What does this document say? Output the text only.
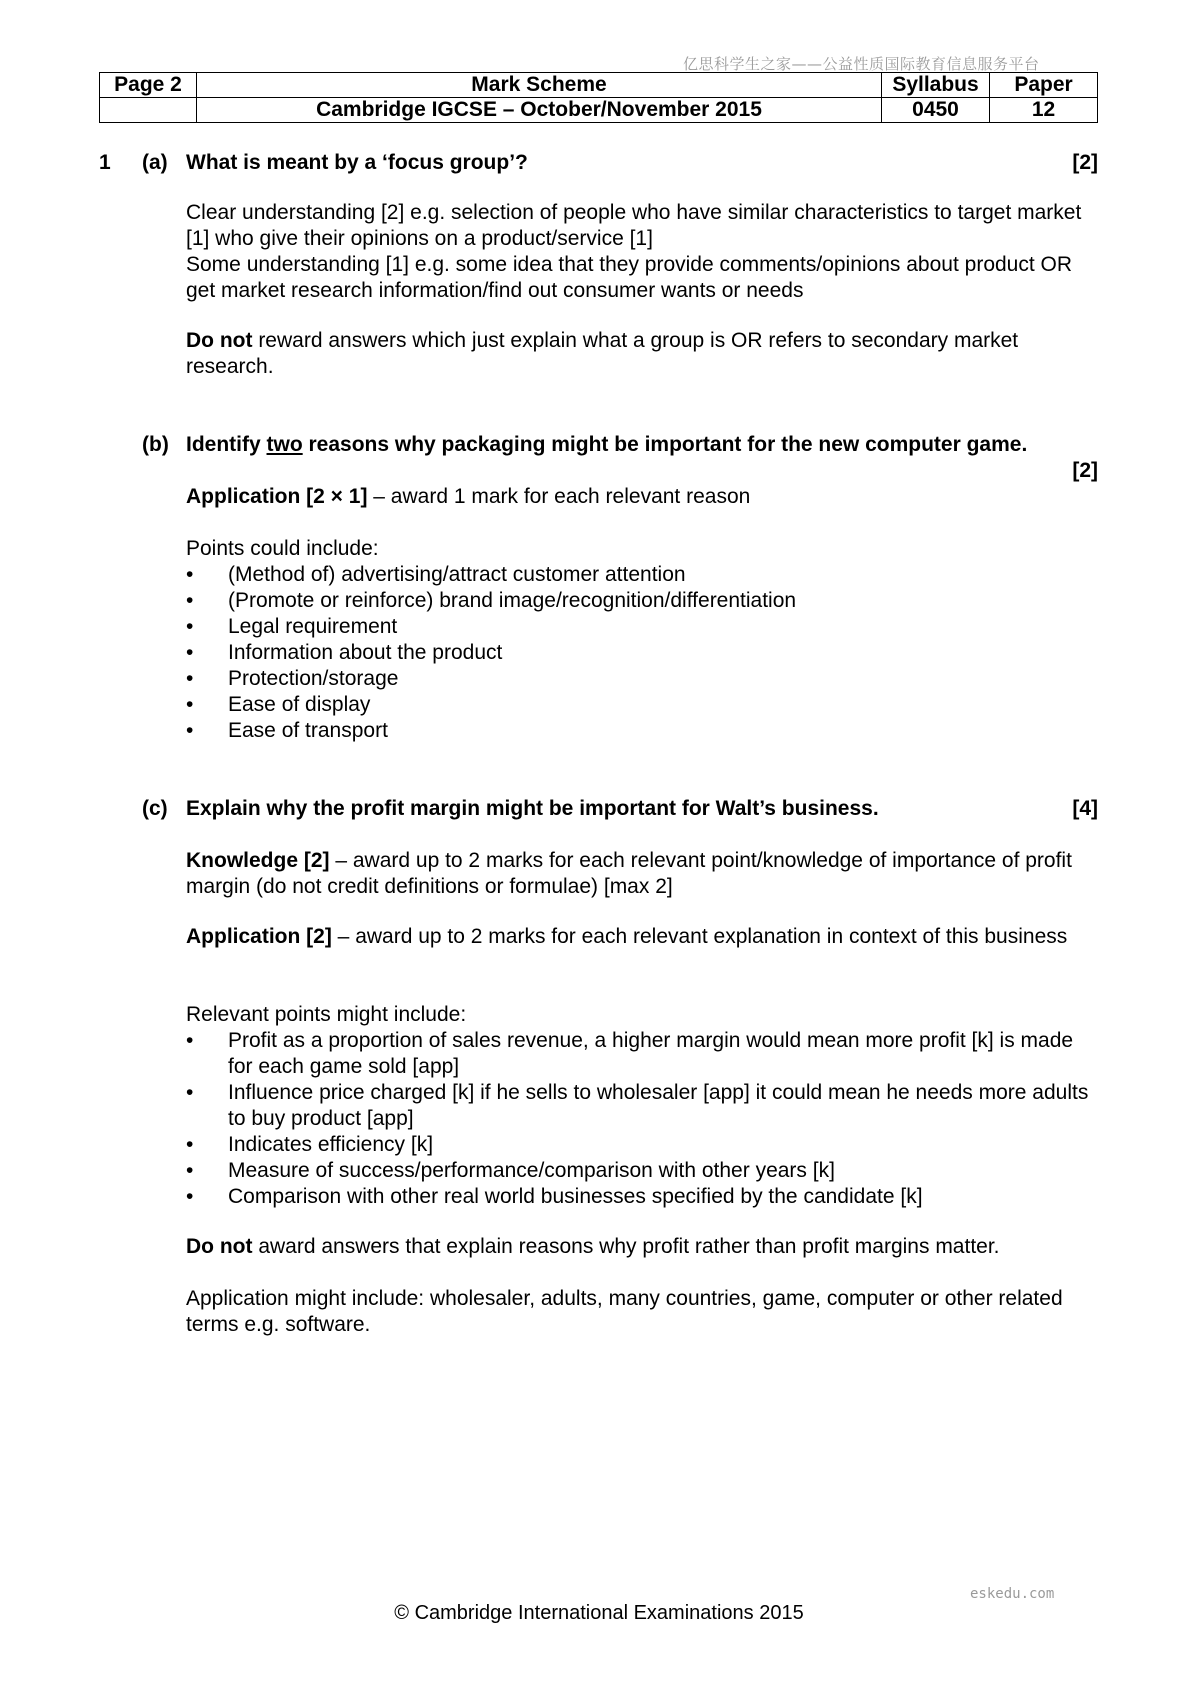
亿思科学生之家——公益性质国际教育信息服务平台
Page 2	Mark Scheme	Syllabus	Paper
	Cambridge IGCSE – October/November 2015	0450	12
1 (a) What is meant by a ‘focus group’?	[2]
Clear understanding [2] e.g. selection of people who have similar characteristics to target market [1] who give their opinions on a product/service [1]
Some understanding [1] e.g. some idea that they provide comments/opinions about product OR get market research information/find out consumer wants or needs
Do not reward answers which just explain what a group is OR refers to secondary market research.
(b) Identify two reasons why packaging might be important for the new computer game.
[2]
Application [2 × 1] – award 1 mark for each relevant reason
Points could include:
• (Method of) advertising/attract customer attention
• (Promote or reinforce) brand image/recognition/differentiation
• Legal requirement
• Information about the product
• Protection/storage
• Ease of display
• Ease of transport
(c) Explain why the profit margin might be important for Walt’s business.	[4]
Knowledge [2] – award up to 2 marks for each relevant point/knowledge of importance of profit margin (do not credit definitions or formulae) [max 2]
Application [2] – award up to 2 marks for each relevant explanation in context of this business
Relevant points might include:
• Profit as a proportion of sales revenue, a higher margin would mean more profit [k] is made for each game sold [app]
• Influence price charged [k] if he sells to wholesaler [app] it could mean he needs more adults to buy product [app]
• Indicates efficiency [k]
• Measure of success/performance/comparison with other years [k]
• Comparison with other real world businesses specified by the candidate [k]
Do not award answers that explain reasons why profit rather than profit margins matter.
Application might include: wholesaler, adults, many countries, game, computer or other related terms e.g. software.
eskedu.com
© Cambridge International Examinations 2015
